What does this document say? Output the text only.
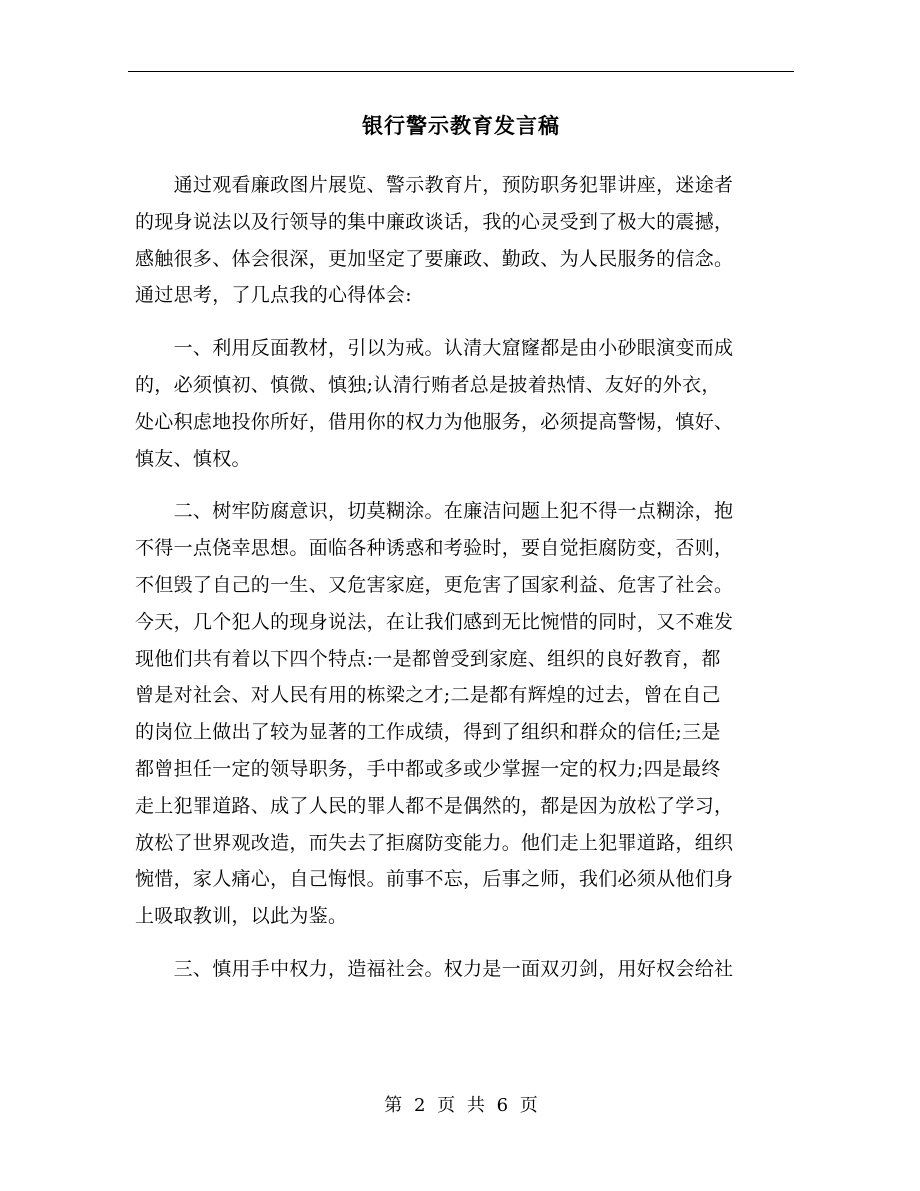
银行警示教育发言稿
　　通过观看廉政图片展览、警示教育片，预防职务犯罪讲座，迷途者
的现身说法以及行领导的集中廉政谈话，我的心灵受到了极大的震撼，
感触很多、体会很深，更加坚定了要廉政、勤政、为人民服务的信念。
通过思考，了几点我的心得体会:
　　一、利用反面教材，引以为戒。认清大窟窿都是由小砂眼演变而成
的，必须慎初、慎微、慎独;认清行贿者总是披着热情、友好的外衣，
处心积虑地投你所好，借用你的权力为他服务，必须提高警惕，慎好、
慎友、慎权。
　　二、树牢防腐意识，切莫糊涂。在廉洁问题上犯不得一点糊涂，抱
不得一点侥幸思想。面临各种诱惑和考验时，要自觉拒腐防变，否则，
不但毁了自己的一生、又危害家庭，更危害了国家利益、危害了社会。
今天，几个犯人的现身说法，在让我们感到无比惋惜的同时，又不难发
现他们共有着以下四个特点:一是都曾受到家庭、组织的良好教育，都
曾是对社会、对人民有用的栋梁之才;二是都有辉煌的过去，曾在自己
的岗位上做出了较为显著的工作成绩，得到了组织和群众的信任;三是
都曾担任一定的领导职务，手中都或多或少掌握一定的权力;四是最终
走上犯罪道路、成了人民的罪人都不是偶然的，都是因为放松了学习，
放松了世界观改造，而失去了拒腐防变能力。他们走上犯罪道路，组织
惋惜，家人痛心，自己悔恨。前事不忘，后事之师，我们必须从他们身
上吸取教训，以此为鉴。
　　三、慎用手中权力，造福社会。权力是一面双刃剑，用好权会给社
第 2 页 共 6 页
